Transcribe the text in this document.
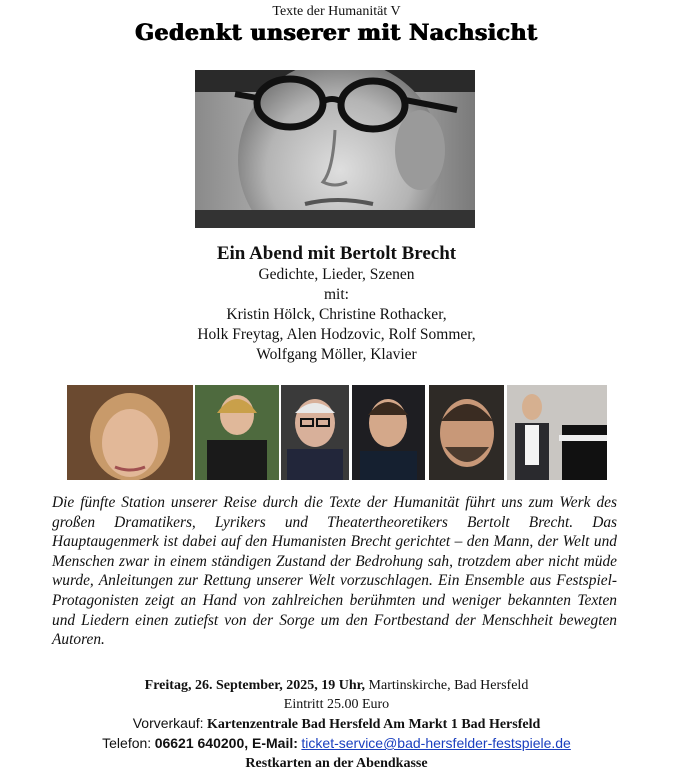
Texte der Humanität V
Gedenkt unserer mit Nachsicht
Ein Abend mit Bertolt Brecht
Gedichte, Lieder, Szenen
mit:
Kristin Hölck, Christine Rothacker,
Holk Freytag, Alen Hodzovic, Rolf Sommer,
Wolfgang Möller, Klavier
Die fünfte Station unserer Reise durch die Texte der Humanität führt uns zum Werk des großen Dramatikers, Lyrikers und Theatertheoretikers Bertolt Brecht. Das Hauptaugenmerk ist dabei auf den Humanisten Brecht gerichtet – den Mann, der Welt und Menschen zwar in einem ständigen Zustand der Bedrohung sah, trotzdem aber nicht müde wurde, Anleitungen zur Rettung unserer Welt vorzuschlagen. Ein Ensemble aus Festspiel-Protagonisten zeigt an Hand von zahlreichen berühmten und weniger bekannten Texten und Liedern einen zutiefst von der Sorge um den Fortbestand der Menschheit bewegten Autoren.
Freitag, 26. September, 2025, 19 Uhr, Martinskirche, Bad Hersfeld
Eintritt 25.00 Euro
Vorverkauf: Kartenzentrale Bad Hersfeld Am Markt 1 Bad Hersfeld
Telefon: 06621 640200, E-Mail: ticket-service@bad-hersfelder-festspiele.de
Restkarten an der Abendkasse
